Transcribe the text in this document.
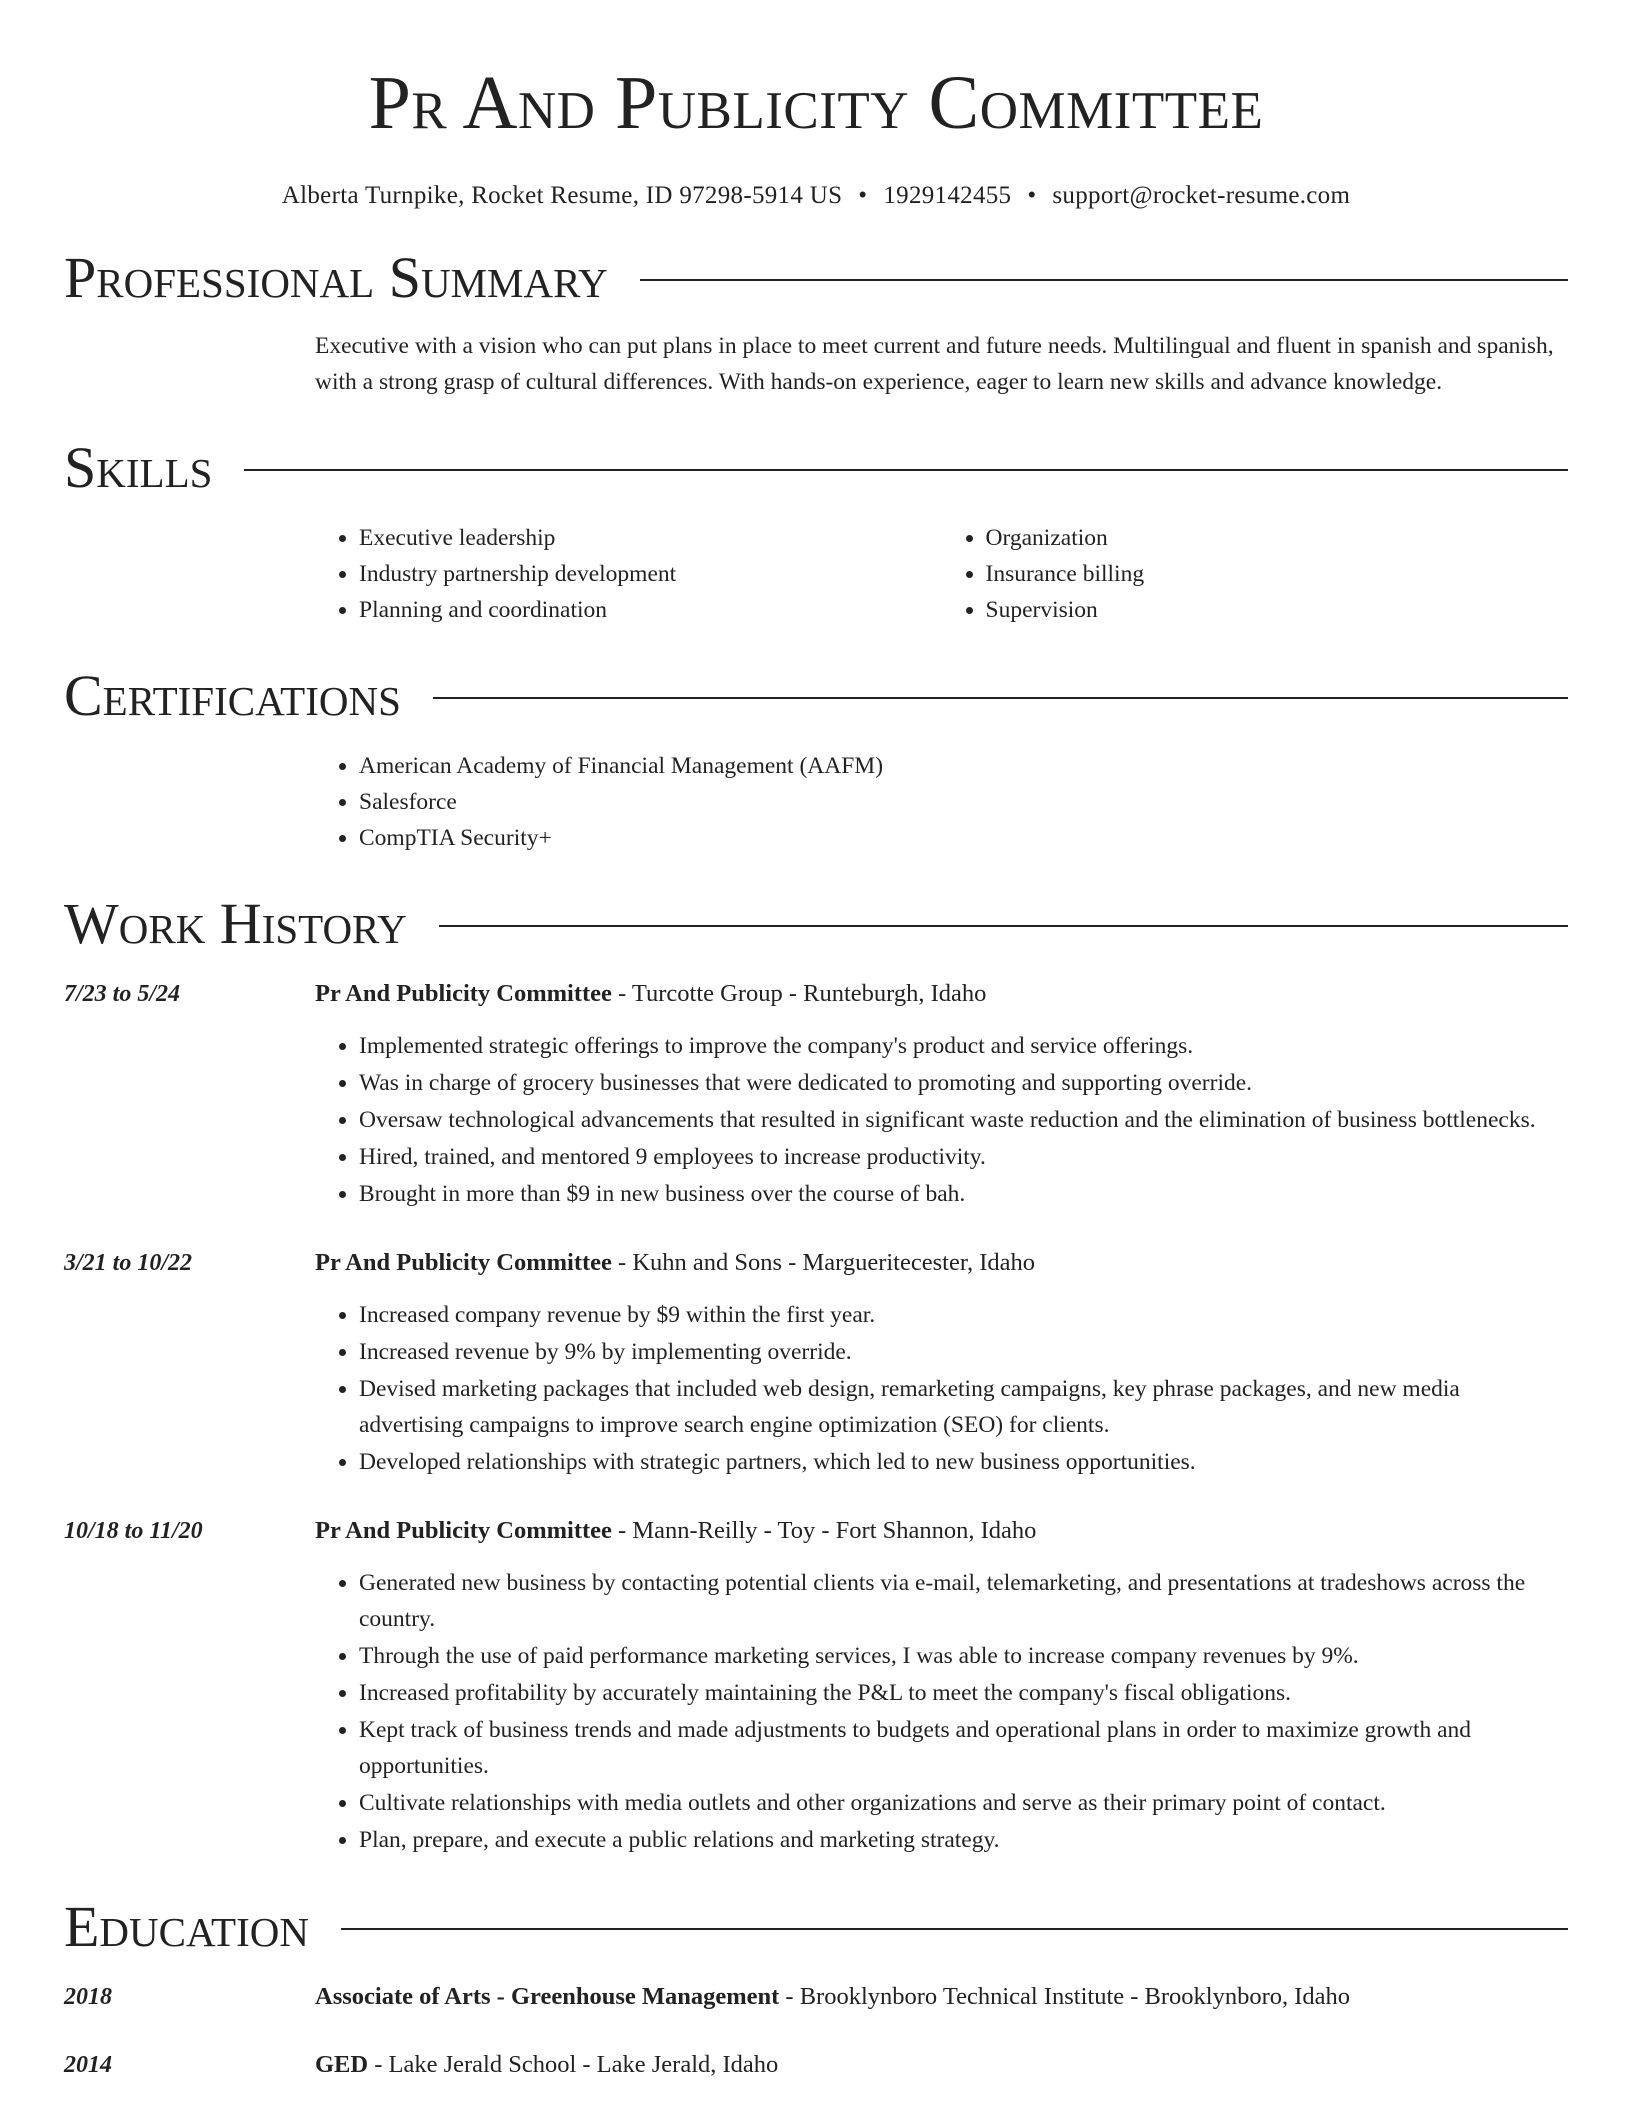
Pr And Publicity Committee
Alberta Turnpike, Rocket Resume, ID 97298-5914 US • 1929142455 • support@rocket-resume.com
Professional Summary
Executive with a vision who can put plans in place to meet current and future needs. Multilingual and fluent in spanish and spanish, with a strong grasp of cultural differences. With hands-on experience, eager to learn new skills and advance knowledge.
Skills
• Executive leadership
• Industry partnership development
• Planning and coordination
• Organization
• Insurance billing
• Supervision
Certifications
• American Academy of Financial Management (AAFM)
• Salesforce
• CompTIA Security+
Work History
7/23 to 5/24	Pr And Publicity Committee - Turcotte Group - Runteburgh, Idaho
• Implemented strategic offerings to improve the company's product and service offerings.
• Was in charge of grocery businesses that were dedicated to promoting and supporting override.
• Oversaw technological advancements that resulted in significant waste reduction and the elimination of business bottlenecks.
• Hired, trained, and mentored 9 employees to increase productivity.
• Brought in more than $9 in new business over the course of bah.
3/21 to 10/22	Pr And Publicity Committee - Kuhn and Sons - Margueritecester, Idaho
• Increased company revenue by $9 within the first year.
• Increased revenue by 9% by implementing override.
• Devised marketing packages that included web design, remarketing campaigns, key phrase packages, and new media advertising campaigns to improve search engine optimization (SEO) for clients.
• Developed relationships with strategic partners, which led to new business opportunities.
10/18 to 11/20	Pr And Publicity Committee - Mann-Reilly - Toy - Fort Shannon, Idaho
• Generated new business by contacting potential clients via e-mail, telemarketing, and presentations at tradeshows across the country.
• Through the use of paid performance marketing services, I was able to increase company revenues by 9%.
• Increased profitability by accurately maintaining the P&L to meet the company's fiscal obligations.
• Kept track of business trends and made adjustments to budgets and operational plans in order to maximize growth and opportunities.
• Cultivate relationships with media outlets and other organizations and serve as their primary point of contact.
• Plan, prepare, and execute a public relations and marketing strategy.
Education
2018	Associate of Arts - Greenhouse Management - Brooklynboro Technical Institute - Brooklynboro, Idaho
2014	GED - Lake Jerald School - Lake Jerald, Idaho
